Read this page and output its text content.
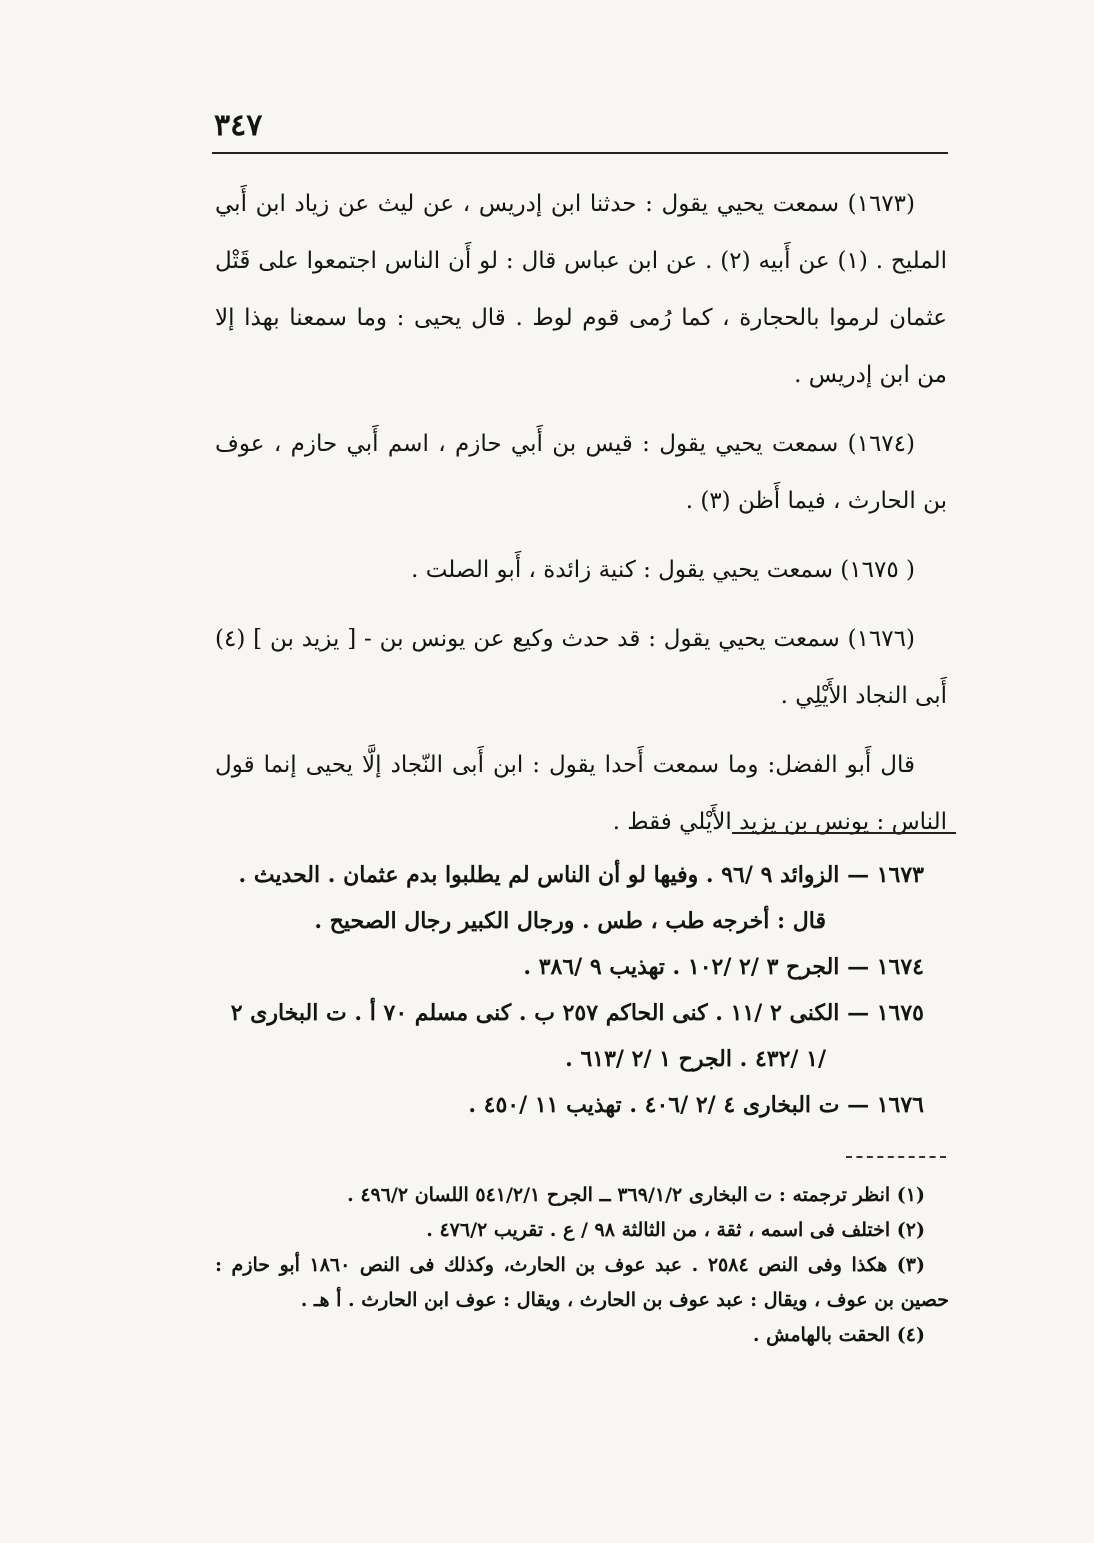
٣٤٧

(١٦٧٣) سمعت يحيي يقول : حدثنا ابن إدريس ، عن ليث عن زياد ابن أَبي المليح . (١) عن أَبيه (٢) . عن ابن عباس قال : لو أَن الناس اجتمعوا على قَتْل عثمان لرموا بالحجارة ، كما رُمى قوم لوط . قال يحيى : وما سمعنا بهذا إلا من ابن إدريس .

(١٦٧٤) سمعت يحيي يقول : قيس بن أَبي حازم ، اسم أَبي حازم ، عوف بن الحارث ، فيما أَظن (٣) .

( ١٦٧٥) سمعت يحيي يقول : كنية زائدة ، أَبو الصلت .

(١٦٧٦) سمعت يحيي يقول : قد حدث وكيع عن يونس بن - [ يزيد بن ] (٤) أَبى النجاد الأَيْلِي .

قال أَبو الفضل: وما سمعت أَحدا يقول : ابن أَبى النّجاد إلَّا يحيى إنما قول الناس : يونس بن يزيد الأَيْلي فقط .

١٦٧٣ — الزوائد ٩ /٩٦ . وفيها لو أن الناس لم يطلبوا بدم عثمان . الحديث . قال : أخرجه طب ، طس . ورجال الكبير رجال الصحيح .

١٦٧٤ — الجرح ٣ /٢ /١٠٢ . تهذيب ٩ /٣٨٦ .

١٦٧٥ — الكنى ٢ /١١ . كنى الحاكم ٢٥٧ ب . كنى مسلم ٧٠ أ . ت البخارى ٢ /١ /٤٣٢ . الجرح ١ /٢ /٦١٣ .

١٦٧٦ — ت البخارى ٤ /٢ /٤٠٦ . تهذيب ١١ /٤٥٠ .

(١) انظر ترجمته : ت البخارى ٣٦٩/١/٢ ــ الجرح ٥٤١/٢/١ اللسان ٤٩٦/٢ .

(٢) اختلف فى اسمه ، ثقة ، من الثالثة ٩٨ / ع . تقريب ٤٧٦/٢ .

(٣) هكذا وفى النص ٢٥٨٤ . عبد عوف بن الحارث، وكذلك فى النص ١٨٦٠ أبو حازم : حصين بن عوف ، ويقال : عبد عوف بن الحارث ، ويقال : عوف ابن الحارث . أ هـ .

(٤) الحقت بالهامش .
